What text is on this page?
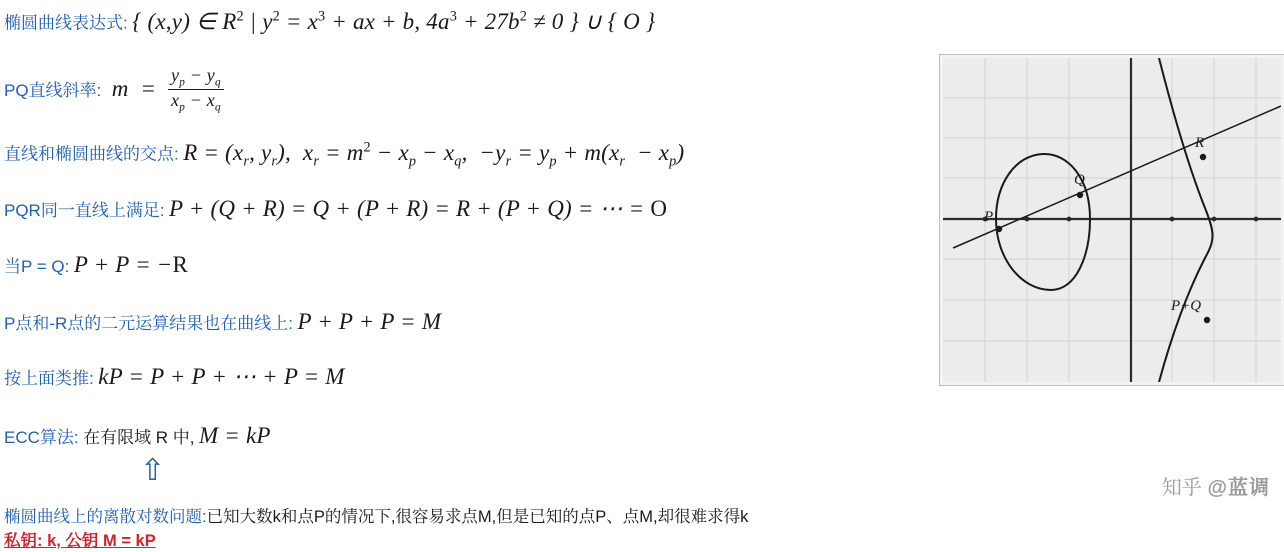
椭圆曲线表达式: { (x,y) ∈ $R^2$ | $y^2 = x^3$ + ax + b, $4a^3 + 27b^2 \ne 0$ } ∪ { O }
PQ直线斜率: $m = \frac{y_p - y_q}{x_p - x_q}$
直线和椭圆曲线的交点: $R = (x_r$, $y_r$),  $x_r = m^2 - x_p - x_q$,  $-y_r = y_p + m(x_r - x_p)$
PQR同一直线上满足: P + (Q + R) = Q + (P + R) = R + (P + Q) = ⋯ = O
当P = Q: P + P = −R
P点和-R点的二元运算结果也在曲线上: P + P + P = M
按上面类推: kP = P + P + ⋯ + P = M
ECC算法: 在有限域 R 中, M = kP
⇧
椭圆曲线上的离散对数问题:已知大数k和点P的情况下,很容易求点M,但是已知的点P、点M,却很难求得k
私钥: k, 公钥 M = kP
P
Q
R
P+Q
知乎 @蓝调
